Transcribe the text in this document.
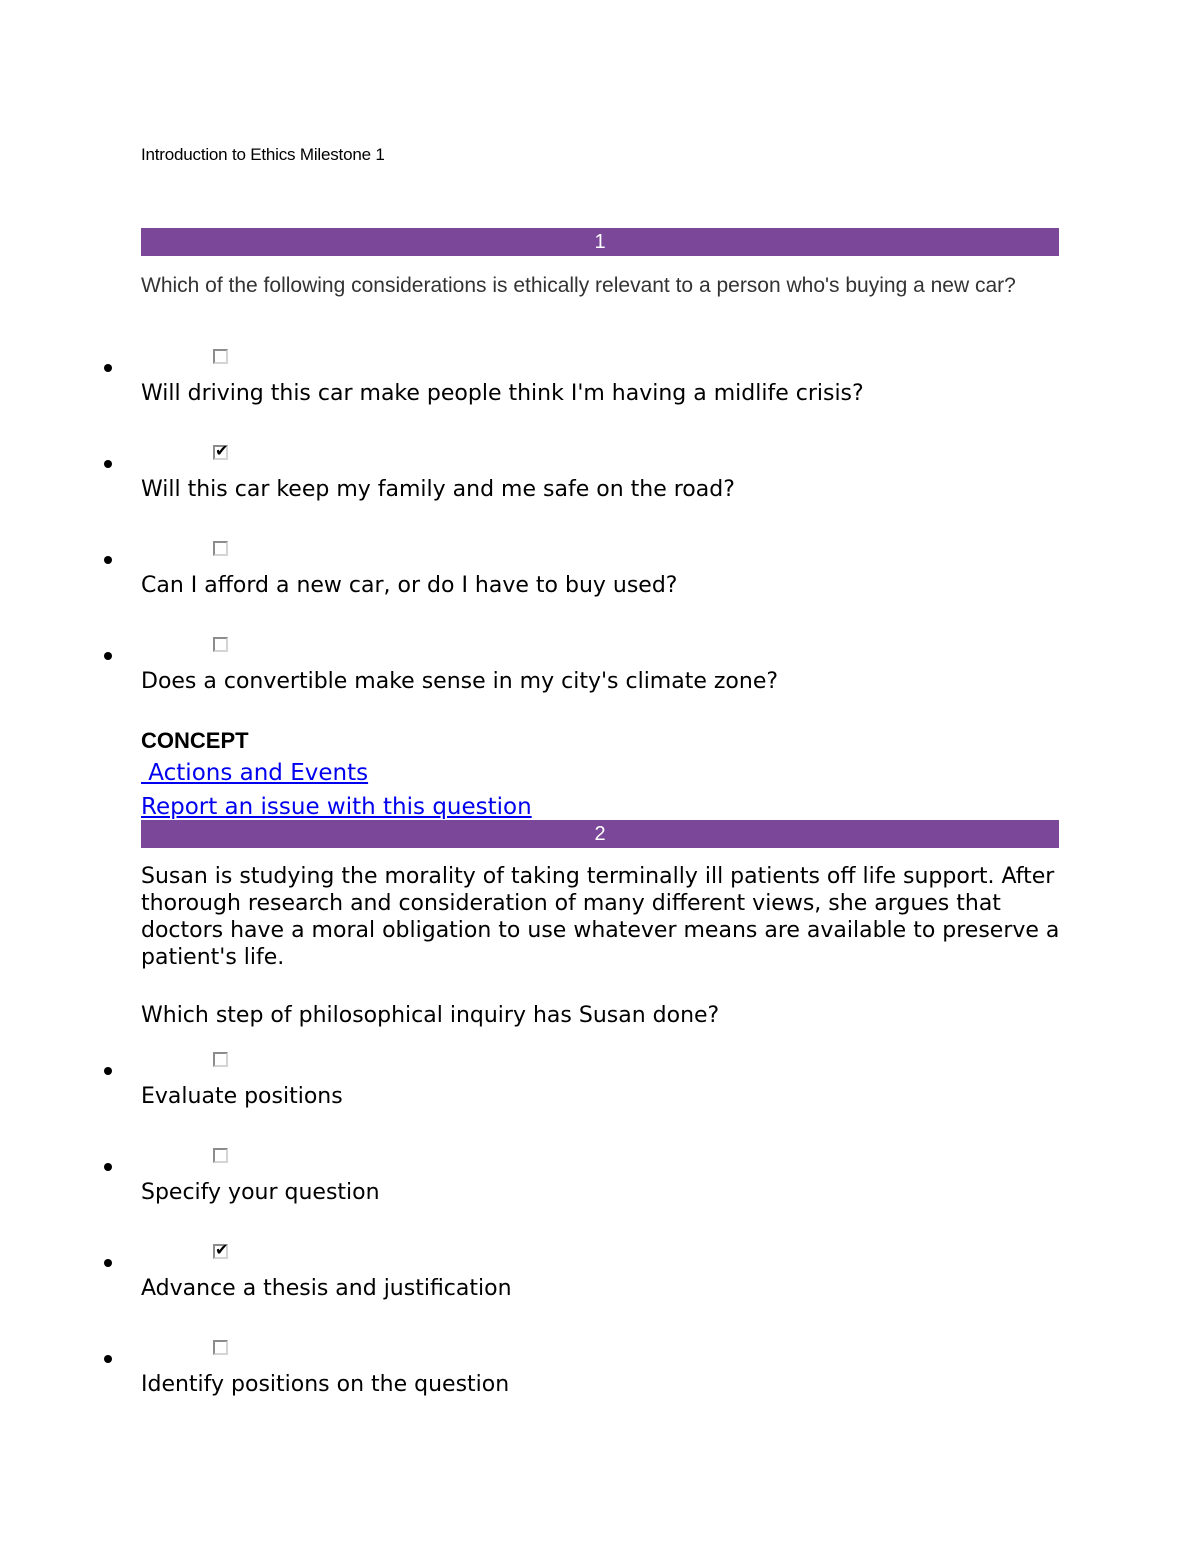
Introduction to Ethics Milestone 1
1
Which of the following considerations is ethically relevant to a person who's buying a new car?
Will driving this car make people think I'm having a midlife crisis?
✔
Will this car keep my family and me safe on the road?
Can I afford a new car, or do I have to buy used?
Does a convertible make sense in my city's climate zone?
CONCEPT
Actions and Events
Report an issue with this question
2
Susan is studying the morality of taking terminally ill patients off life support. After thorough research and consideration of many different views, she argues that doctors have a moral obligation to use whatever means are available to preserve a patient's life.
Which step of philosophical inquiry has Susan done?
Evaluate positions
Specify your question
✔
Advance a thesis and justification
Identify positions on the question
